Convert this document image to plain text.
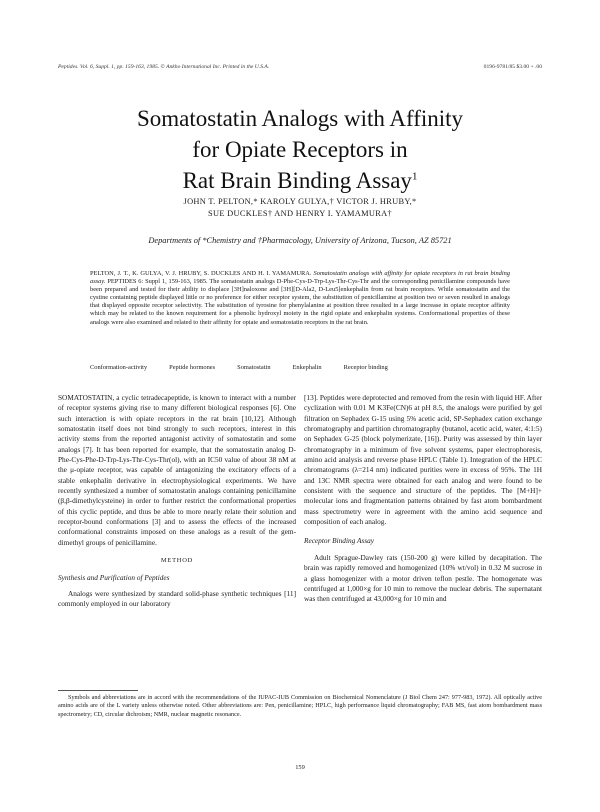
Peptides. Vol. 6, Suppl. 1, pp. 159-163, 1985. © Ankho International Inc. Printed in the U.S.A.	0196-9781/85 $3.00 + .00
Somatostatin Analogs with Affinity
for Opiate Receptors in
Rat Brain Binding Assay$^1$
JOHN T. PELTON,* KAROLY GULYA,† VICTOR J. HRUBY,*
SUE DUCKLES† AND HENRY I. YAMAMURA†
Departments of *Chemistry and †Pharmacology, University of Arizona, Tucson, AZ 85721
PELTON, J. T., K. GULYA, V. J. HRUBY, S. DUCKLES AND H. I. YAMAMURA. Somatostatin analogs with affinity for opiate receptors in rat brain binding assay. PEPTIDES 6: Suppl 1, 159-163, 1985. The somatostatin analogs D-Phe-Cys-D-Trp-Lys-Thr-Cys-Thr and the corresponding penicillamine compounds have been prepared and tested for their ability to displace [3H]naloxone and [3H][D-Ala2, D-Leu5]enkephalin from rat brain receptors. While somatostatin and the cystine containing peptide displayed little or no preference for either receptor system, the substitution of penicillamine at position two or seven resulted in analogs that displayed opposite receptor selectivity. The substitution of tyrosine for phenylalanine at position three resulted in a large increase in opiate receptor affinity which may be related to the known requirement for a phenolic hydroxyl moiety in the rigid opiate and enkephalin systems. Conformational properties of these analogs were also examined and related to their affinity for opiate and somatostatin receptors in the rat brain.
Conformation-activity	Peptide hormones	Somatostatin	Enkephalin	Receptor binding

SOMATOSTATIN, a cyclic tetradecapeptide, is known to interact with a number of receptor systems giving rise to many different biological responses [6]. One such interaction is with opiate receptors in the rat brain [10,12]. Although somatostatin itself does not bind strongly to such receptors, interest in this activity stems from the reported antagonist activity of somatostatin and some analogs [7]. It has been reported for example, that the somatostatin analog D-Phe-Cys-Phe-D-Trp-Lys-Thr-Cys-Thr(ol), with an IC50 value of about 38 nM at the μ-opiate receptor, was capable of antagonizing the excitatory effects of a stable enkephalin derivative in electrophysiological experiments. We have recently synthesized a number of somatostatin analogs containing penicillamine (β,β-dimethylcysteine) in order to further restrict the conformational properties of this cyclic peptide, and thus be able to more nearly relate their solution and receptor-bound conformations [3] and to assess the effects of the increased conformational constraints imposed on these analogs as a result of the gem-dimethyl groups of penicillamine.

METHOD
Synthesis and Purification of Peptides

Analogs were synthesized by standard solid-phase synthetic techniques [11] commonly employed in our laboratory

[13]. Peptides were deprotected and removed from the resin with liquid HF. After cyclization with 0.01 M K3Fe(CN)6 at pH 8.5, the analogs were purified by gel filtration on Sephadex G-15 using 5% acetic acid, SP-Sephadex cation exchange chromatography and partition chromatography (butanol, acetic acid, water, 4:1:5) on Sephadex G-25 (block polymerizate, [16]). Purity was assessed by thin layer chromatography in a minimum of five solvent systems, paper electrophoresis, amino acid analysis and reverse phase HPLC (Table 1). Integration of the HPLC chromatograms (λ=214 nm) indicated purities were in excess of 95%. The 1H and 13C NMR spectra were obtained for each analog and were found to be consistent with the sequence and structure of the peptides. The [M+H]+ molecular ions and fragmentation patterns obtained by fast atom bombardment mass spectrometry were in agreement with the amino acid sequence and composition of each analog.

Receptor Binding Assay

Adult Sprague-Dawley rats (150-200 g) were killed by decapitation. The brain was rapidly removed and homogenized (10% wt/vol) in 0.32 M sucrose in a glass homogenizer with a motor driven teflon pestle. The homogenate was centrifuged at 1,000×g for 10 min to remove the nuclear debris. The supernatant was then centrifuged at 43,000×g for 10 min and

Symbols and abbreviations are in accord with the recommendations of the IUPAC-IUB Commission on Biochemical Nomenclature (J Biol Chem 247: 977-983, 1972). All optically active amino acids are of the L variety unless otherwise noted. Other abbreviations are: Pen, penicillamine; HPLC, high performance liquid chromatography; FAB MS, fast atom bombardment mass spectrometry; CD, circular dichroism; NMR, nuclear magnetic resonance.
159
